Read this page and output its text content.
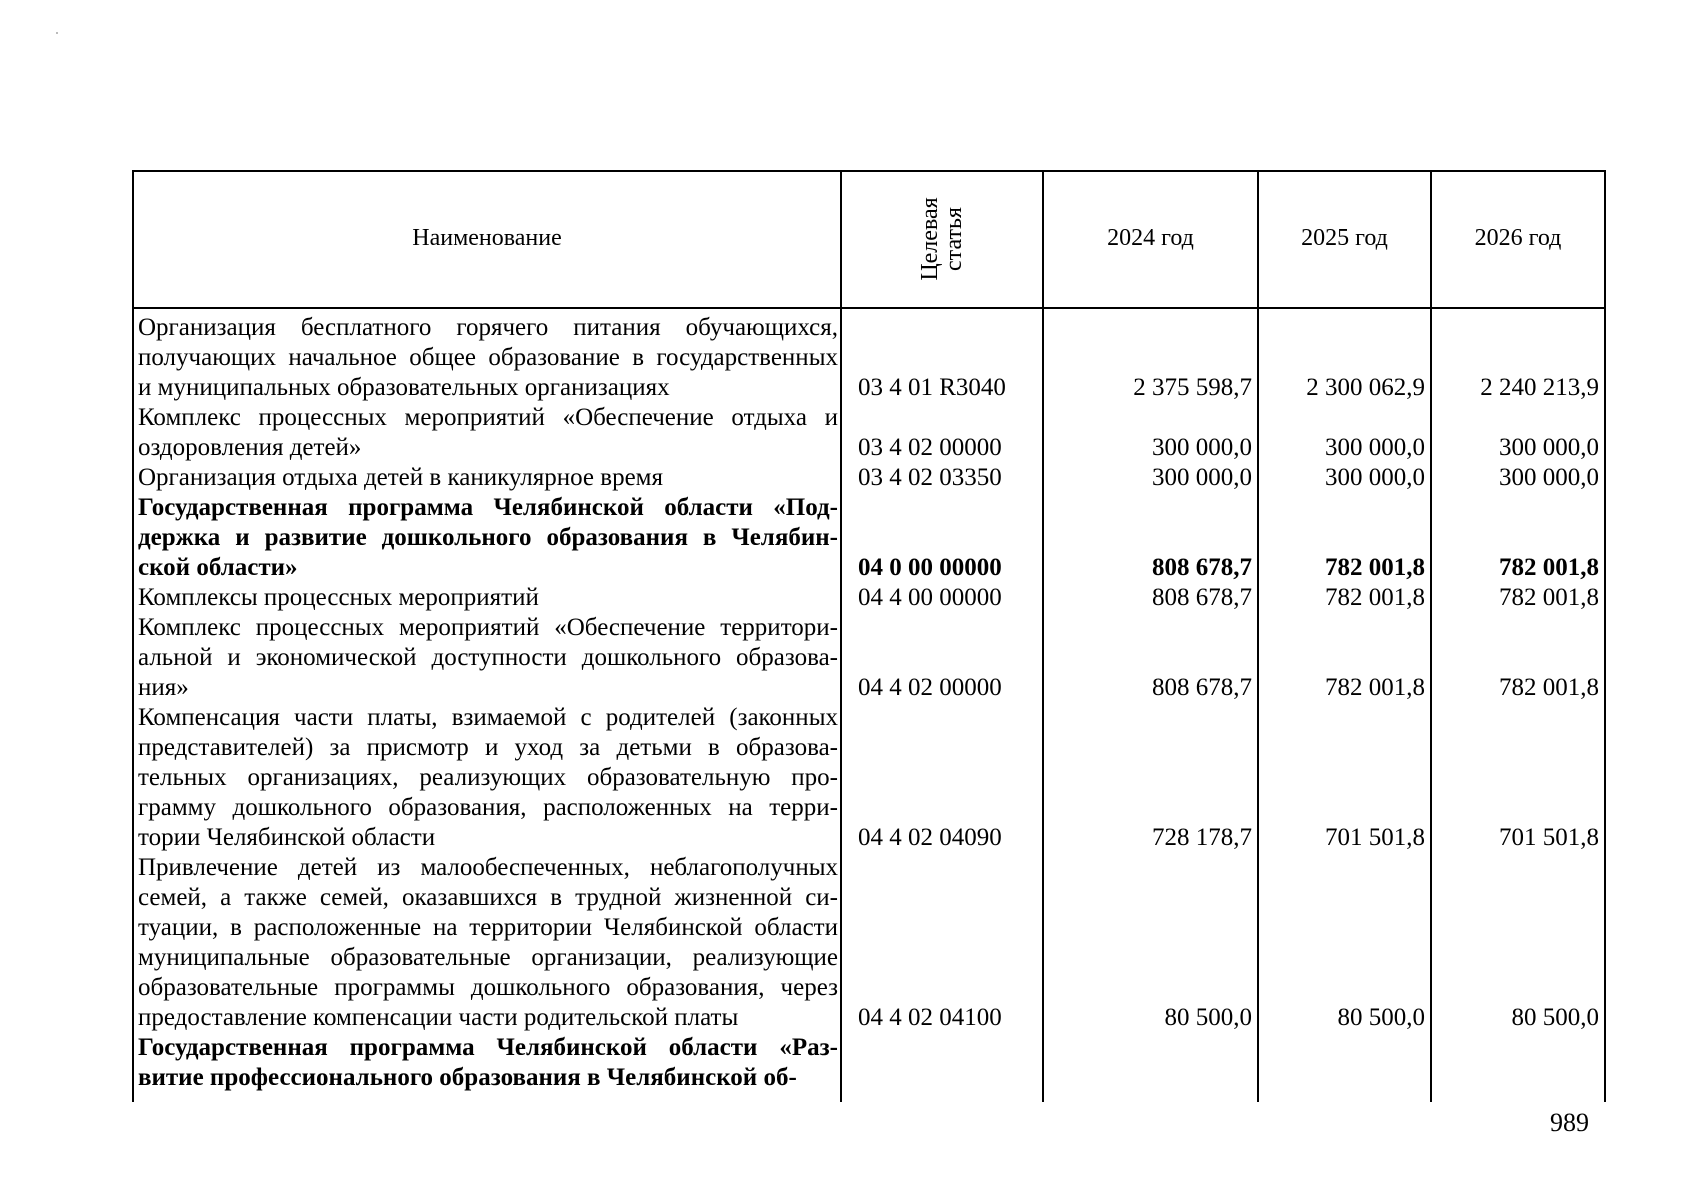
Наименование	Целевая статья	2024 год	2025 год	2026 год
Организация бесплатного горячего питания обучающихся,
получающих начальное общее образование в государственных
и муниципальных образовательных организациях	03 4 01 R3040	2 375 598,7	2 300 062,9	2 240 213,9
Комплекс процессных мероприятий «Обеспечение отдыха и
оздоровления детей»	03 4 02 00000	300 000,0	300 000,0	300 000,0
Организация отдыха детей в каникулярное время	03 4 02 03350	300 000,0	300 000,0	300 000,0
Государственная программа Челябинской области «Под-
держка и развитие дошкольного образования в Челябин-
ской области»	04 0 00 00000	808 678,7	782 001,8	782 001,8
Комплексы процессных мероприятий	04 4 00 00000	808 678,7	782 001,8	782 001,8
Комплекс процессных мероприятий «Обеспечение территори-
альной и экономической доступности дошкольного образова-
ния»	04 4 02 00000	808 678,7	782 001,8	782 001,8
Компенсация части платы, взимаемой с родителей (законных
представителей) за присмотр и уход за детьми в образова-
тельных организациях, реализующих образовательную про-
грамму дошкольного образования, расположенных на терри-
тории Челябинской области	04 4 02 04090	728 178,7	701 501,8	701 501,8
Привлечение детей из малообеспеченных, неблагополучных
семей, а также семей, оказавшихся в трудной жизненной си-
туации, в расположенные на территории Челябинской области
муниципальные образовательные организации, реализующие
образовательные программы дошкольного образования, через
предоставление компенсации части родительской платы	04 4 02 04100	80 500,0	80 500,0	80 500,0
Государственная программа Челябинской области «Раз-
витие профессионального образования в Челябинской об-
989
